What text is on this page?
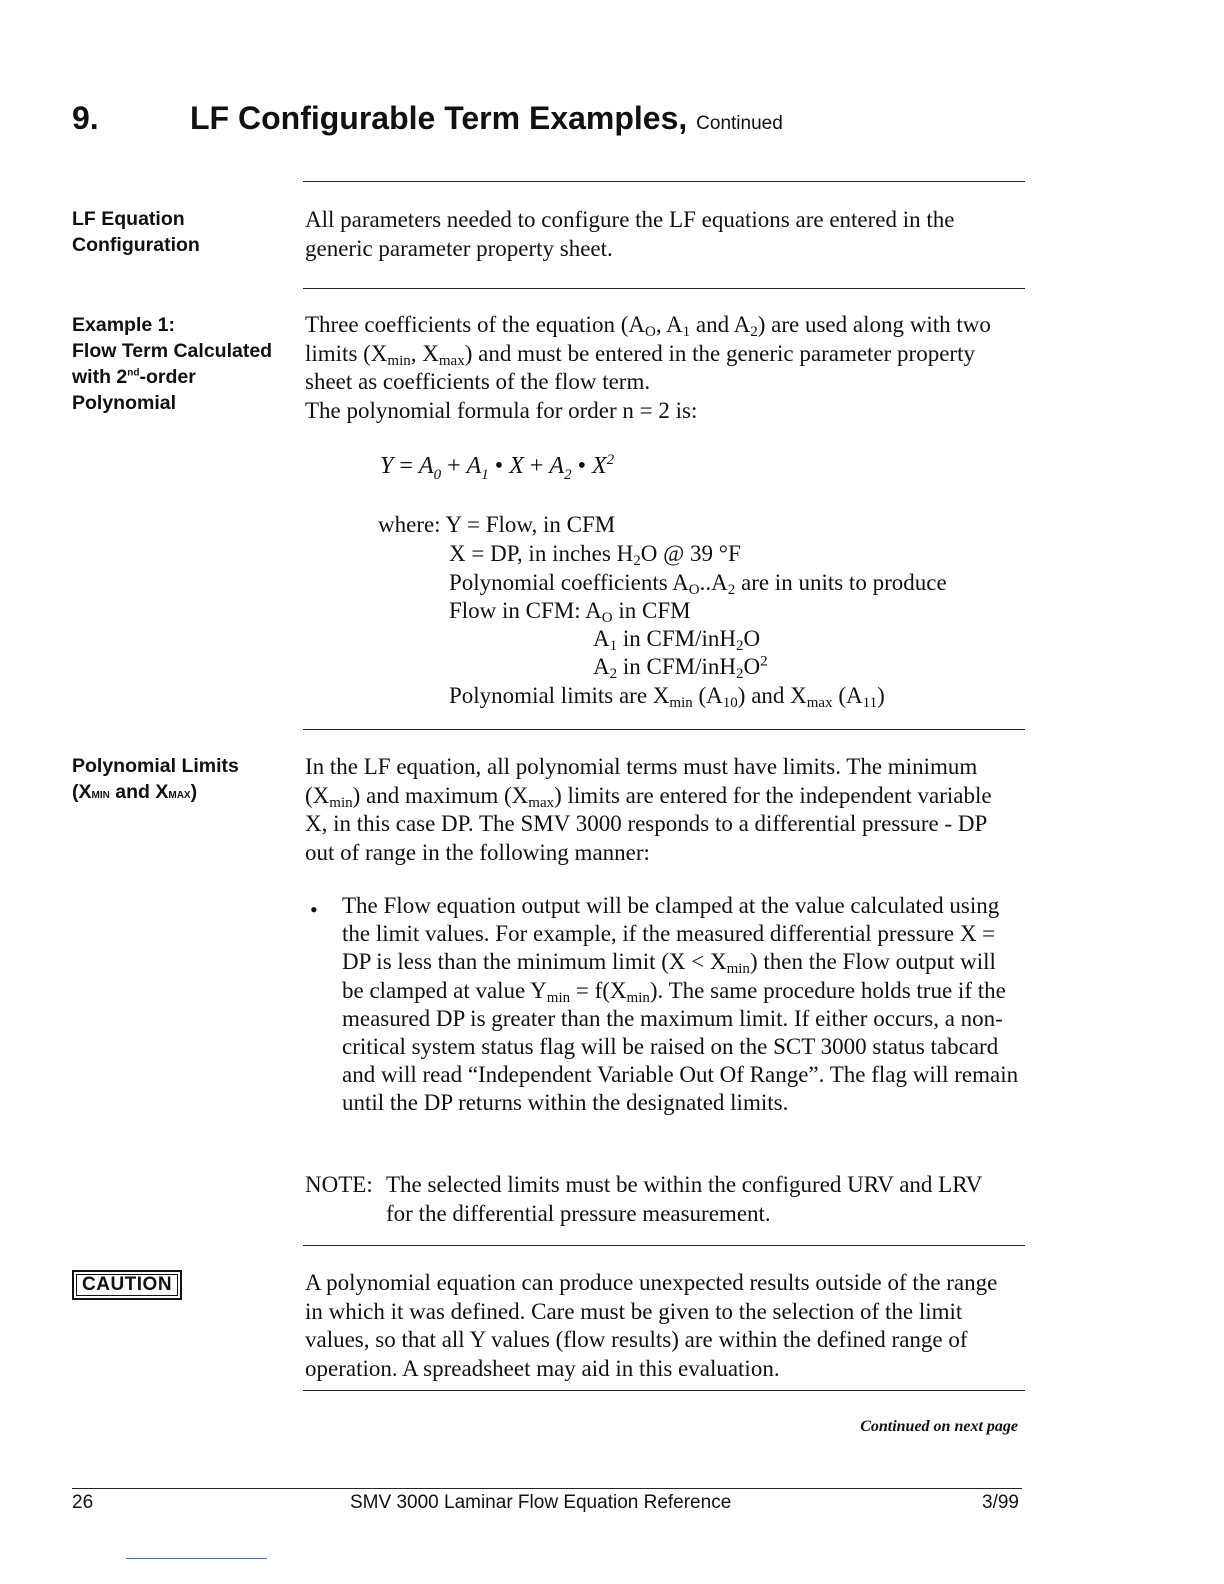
9.	LF Configurable Term Examples, Continued
LF Equation
Configuration
All parameters needed to configure the LF equations are entered in the generic parameter property sheet.
Example 1:
Flow Term Calculated
with 2nd-order
Polynomial
Three coefficients of the equation ($A_O$, $A_1$ and $A_2$) are used along with two limits ($X_{min}$, $X_{max}$) and must be entered in the generic parameter property sheet as coefficients of the flow term.
The polynomial formula for order n = 2 is:
$Y = A_0 + A_1$ • $X + A_2$ • $X^2$
where: Y = Flow, in CFM
X = DP, in inches $H_2O$ @ 39 °F
Polynomial coefficients $A_O..A_2$ are in units to produce
Flow in CFM: $A_O$ in CFM
$A_1$ in CFM/inH$_2$O
$A_2$ in CFM/$inH_2O^2$
Polynomial limits are $X_{min}$ $(A_{10})$ and $X_{max}$ $(A_{11})$
Polynomial Limits
(XMIN and XMAX)
In the LF equation, all polynomial terms must have limits. The minimum $(X_{min})$ and maximum $(X_{max})$ limits are entered for the independent variable X, in this case DP. The SMV 3000 responds to a differential pressure - DP out of range in the following manner:
• The Flow equation output will be clamped at the value calculated using the limit values. For example, if the measured differential pressure X = DP is less than the minimum limit $(X < X_{min})$ then the Flow output will be clamped at value $Y_{min} = f(X_{min})$. The same procedure holds true if the measured DP is greater than the maximum limit. If either occurs, a non-critical system status flag will be raised on the SCT 3000 status tabcard and will read “Independent Variable Out Of Range”. The flag will remain until the DP returns within the designated limits.
NOTE: The selected limits must be within the configured URV and LRV for the differential pressure measurement.
CAUTION	A polynomial equation can produce unexpected results outside of the range in which it was defined. Care must be given to the selection of the limit values, so that all Y values (flow results) are within the defined range of operation. A spreadsheet may aid in this evaluation.
Continued on next page
26	SMV 3000 Laminar Flow Equation Reference	3/99
